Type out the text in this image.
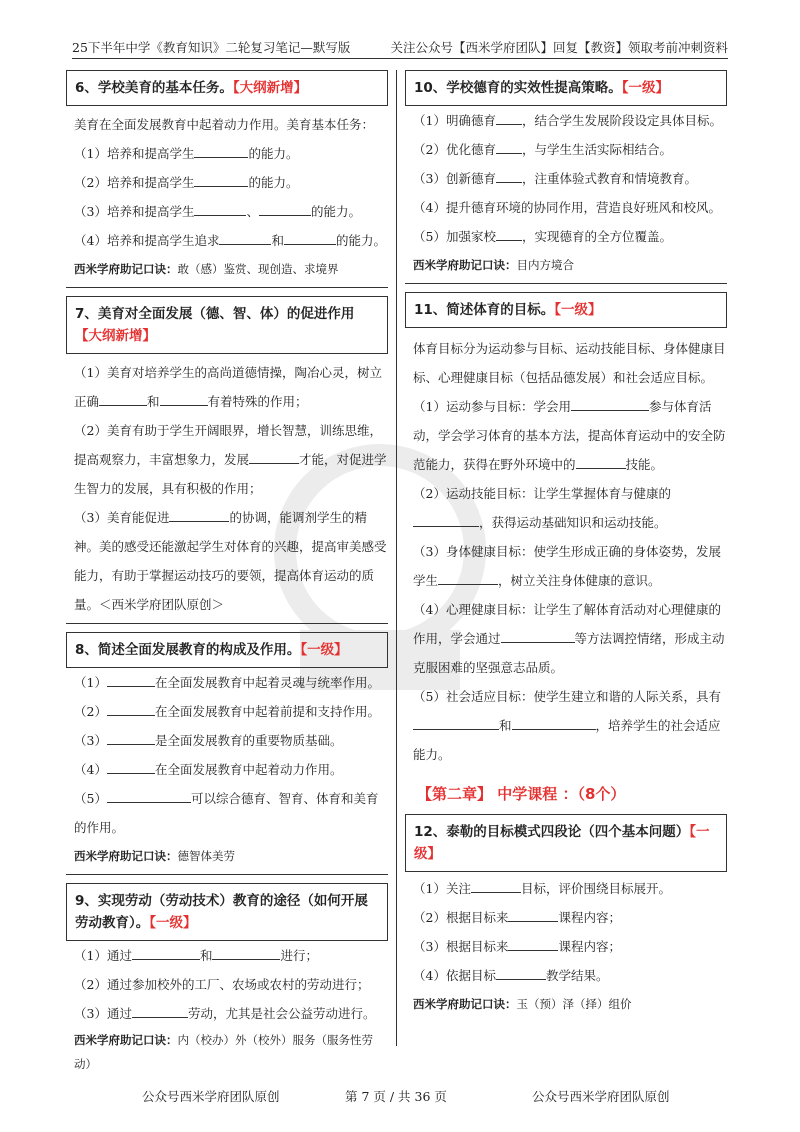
25下半年中学《教育知识》二轮复习笔记—默写版	关注公众号【西米学府团队】回复【教资】领取考前冲刺资料
6、学校美育的基本任务。【大纲新增】
美育在全面发展教育中起着动力作用。美育基本任务：
（1）培养和提高学生	的能力。
（2）培养和提高学生	的能力。
（3）培养和提高学生	、	的能力。
（4）培养和提高学生追求	和	的能力。
西米学府助记口诀：敢（感）鉴赏、现创造、求境界
7、美育对全面发展（德、智、体）的促进作用【大纲新增】
（1）美育对培养学生的高尚道德情操，陶冶心灵，树立正确	和	有着特殊的作用；
（2）美育有助于学生开阔眼界，增长智慧，训练思维，提高观察力，丰富想象力，发展	才能，对促进学生智力的发展，具有积极的作用；
（3）美育能促进	的协调，能调剂学生的精神。美的感受还能激起学生对体育的兴趣，提高审美感受能力，有助于掌握运动技巧的要领，提高体育运动的质量。＜西米学府团队原创＞
8、简述全面发展教育的构成及作用。【一级】
（1）	在全面发展教育中起着灵魂与统率作用。
（2）	在全面发展教育中起着前提和支持作用。
（3）	是全面发展教育的重要物质基础。
（4）	在全面发展教育中起着动力作用。
（5）	可以综合德育、智育、体育和美育的作用。
西米学府助记口诀：德智体美劳
9、实现劳动（劳动技术）教育的途径（如何开展劳动教育）。【一级】
（1）通过	和	进行；
（2）通过参加校外的工厂、农场或农村的劳动进行；
（3）通过	劳动，尤其是社会公益劳动进行。
西米学府助记口诀：内（校办）外（校外）服务（服务性劳动）
10、学校德育的实效性提高策略。【一级】
（1）明确德育 ，结合学生发展阶段设定具体目标。
（2）优化德育 ，与学生生活实际相结合。
（3）创新德育 ，注重体验式教育和情境教育。
（4）提升德育环境的协同作用，营造良好班风和校风。
（5）加强家校 ，实现德育的全方位覆盖。
西米学府助记口诀：目内方境合
11、简述体育的目标。【一级】
体育目标分为运动参与目标、运动技能目标、身体健康目标、心理健康目标（包括品德发展）和社会适应目标。
（1）运动参与目标：学会用	参与体育活动，学会学习体育的基本方法，提高体育运动中的安全防范能力，获得在野外环境中的	技能。
（2）运动技能目标：让学生掌握体育与健康的，获得运动基础知识和运动技能。
（3）身体健康目标：使学生形成正确的身体姿势，发展学生	，树立关注身体健康的意识。
（4）心理健康目标：让学生了解体育活动对心理健康的作用，学会通过	等方法调控情绪，形成主动克服困难的坚强意志品质。
（5）社会适应目标：使学生建立和谐的人际关系，具有和	，培养学生的社会适应能力。
【第二章】 中学课程 ：（8个）
12、泰勒的目标模式四段论（四个基本问题）【一级】
（1）关注	目标，评价围绕目标展开。
（2）根据目标来	课程内容；
（3）根据目标来	课程内容；
（4）依据目标	教学结果。
西米学府助记口诀：玉（预）泽（择）组价
公众号西米学府团队原创	第 7 页 / 共 36 页	公众号西米学府团队原创
